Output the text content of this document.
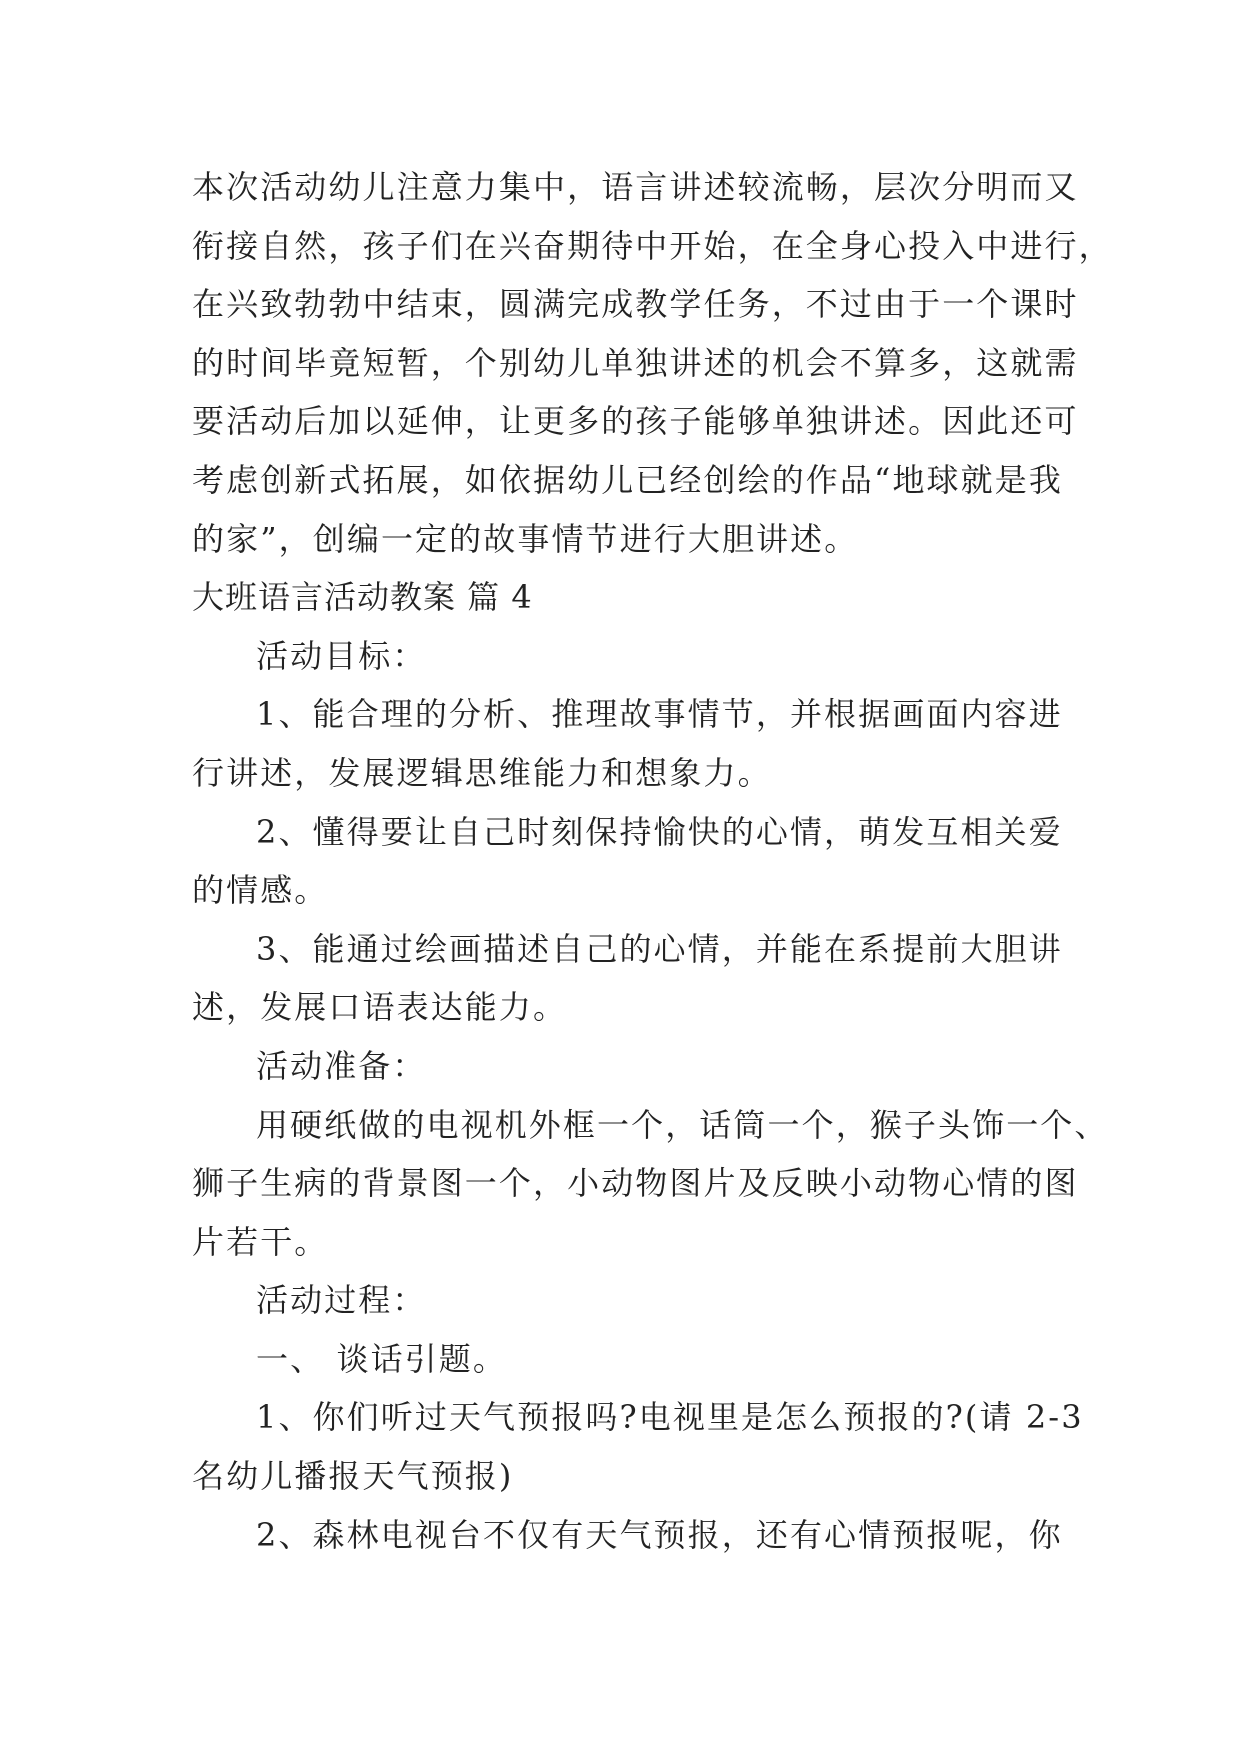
本次活动幼儿注意力集中，语言讲述较流畅，层次分明而又
衔接自然，孩子们在兴奋期待中开始，在全身心投入中进行，
在兴致勃勃中结束，圆满完成教学任务，不过由于一个课时
的时间毕竟短暂，个别幼儿单独讲述的机会不算多，这就需
要活动后加以延伸，让更多的孩子能够单独讲述。因此还可
考虑创新式拓展，如依据幼儿已经创绘的作品“地球就是我
的家”，创编一定的故事情节进行大胆讲述。
大班语言活动教案 篇 4
活动目标：
1、能合理的分析、推理故事情节，并根据画面内容进
行讲述，发展逻辑思维能力和想象力。
2、懂得要让自己时刻保持愉快的心情，萌发互相关爱
的情感。
3、能通过绘画描述自己的心情，并能在系提前大胆讲
述，发展口语表达能力。
活动准备：
用硬纸做的电视机外框一个，话筒一个，猴子头饰一个、
狮子生病的背景图一个，小动物图片及反映小动物心情的图
片若干。
活动过程：
一、 谈话引题。
1、你们听过天气预报吗?电视里是怎么预报的?(请 2-3
名幼儿播报天气预报)
2、森林电视台不仅有天气预报，还有心情预报呢，你
